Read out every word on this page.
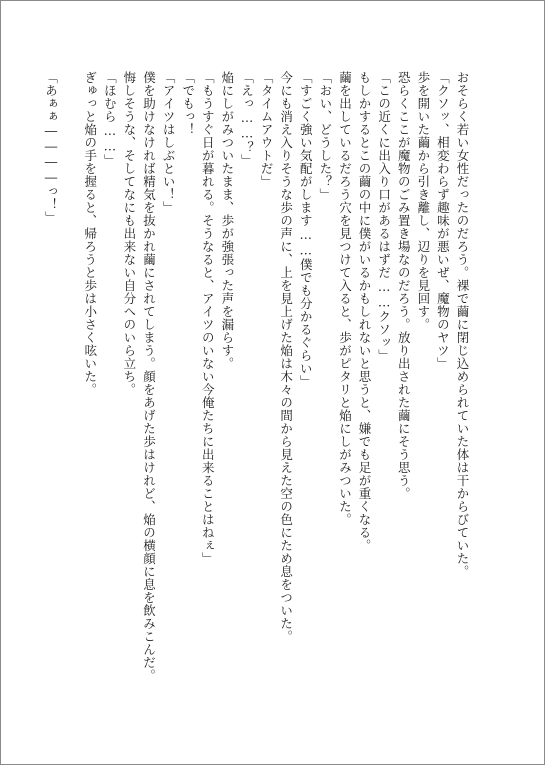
おそらく若い女性だったのだろう。裸で繭に閉じ込められていた体は干からびていた。
「クソッ、相変わらず趣味が悪いぜ、魔物のヤツ」
歩を開いた繭から引き離し、辺りを見回す。
恐らくここが魔物のごみ置き場なのだろう。放り出された繭にそう思う。
「この近くに出入り口があるはずだ……クソッ」
もしかするとこの繭の中に僕がいるかもしれないと思うと、嫌でも足が重くなる。
繭を出しているだろう穴を見つけて入ると、歩がピタリと焔にしがみついた。
「おい、どうした？」
「すごく強い気配がします……僕でも分かるぐらい」
今にも消え入りそうな歩の声に、上を見上げた焔は木々の間から見えた空の色にため息をついた。
「タイムアウトだ」
「えっ……？」
焔にしがみついたまま、歩が強張った声を漏らす。
「もうすぐ日が暮れる。そうなると、アイツのいない今俺たちに出来ることはねぇ」
「でもっ！
「アイツはしぶとい！」
僕を助けなければ精気を抜かれ繭にされてしまう。顔をあげた歩はけれど、焔の横顔に息を飲みこんだ。
悔しそうな、そしてなにも出来ない自分へのいら立ち。
「ほむら……」
ぎゅっと焔の手を握ると、帰ろうと歩は小さく呟いた。

「あぁぁ――――っ！」
